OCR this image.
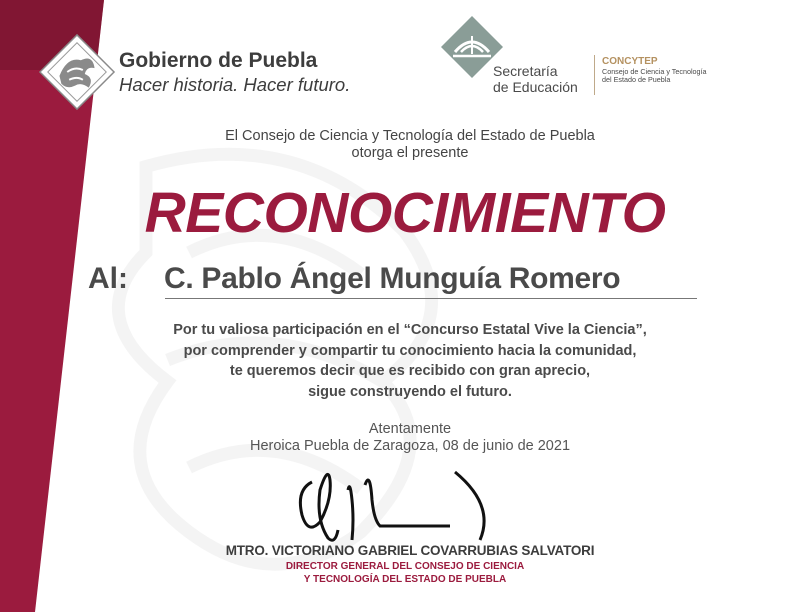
Gobierno de Puebla
Hacer historia. Hacer futuro.
Secretaría
de Educación
CONCYTEP
Consejo de Ciencia y Tecnología del Estado de Puebla
El Consejo de Ciencia y Tecnología del Estado de Puebla
otorga el presente
RECONOCIMIENTO
Al: C. Pablo Ángel Munguía Romero
Por tu valiosa participación en el “Concurso Estatal Vive la Ciencia”,
por comprender y compartir tu conocimiento hacia la comunidad,
te queremos decir que es recibido con gran aprecio,
sigue construyendo el futuro.
Atentamente
Heroica Puebla de Zaragoza, 08 de junio de 2021
MTRO. VICTORIANO GABRIEL COVARRUBIAS SALVATORI
DIRECTOR GENERAL DEL CONSEJO DE CIENCIA
Y TECNOLOGÍA DEL ESTADO DE PUEBLA
